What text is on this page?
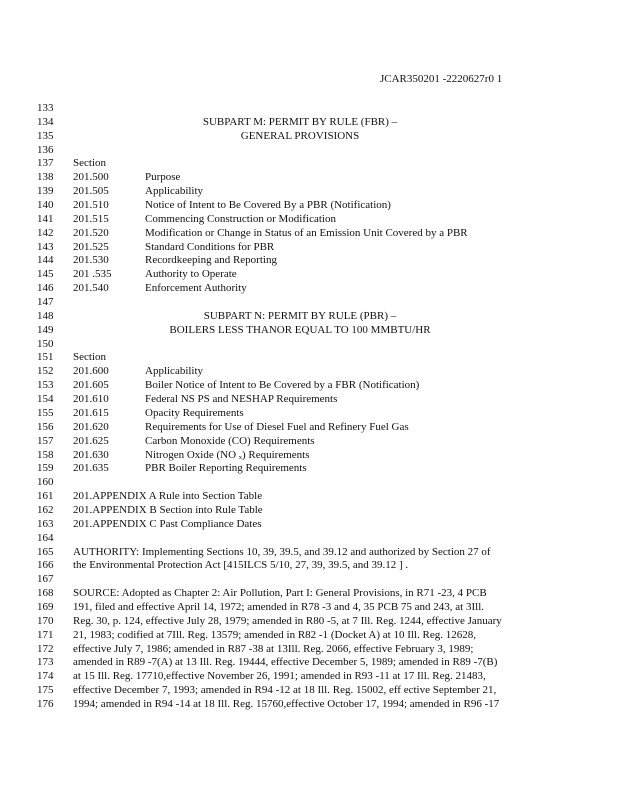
JCAR350201 -2220627r0 1
133
134	SUBPART M: PERMIT BY RULE (FBR) –
135	GENERAL PROVISIONS
136
137	Section
138	201.500	Purpose
139	201.505	Applicability
140	201.510	Notice of Intent to Be Covered By a PBR (Notification)
141	201.515	Commencing Construction or Modification
142	201.520	Modification or Change in Status of an Emission Unit Covered by a PBR
143	201.525	Standard Conditions for PBR
144	201.530	Recordkeeping and Reporting
145	201 .535	Authority to Operate
146	201.540	Enforcement Authority
147
148	SUBPART N: PERMIT BY RULE (PBR) –
149	BOILERS LESS THANOR EQUAL TO 100 MMBTU/HR
150
151	Section
152	201.600	Applicability
153	201.605	Boiler Notice of Intent to Be Covered by a FBR (Notification)
154	201.610	Federal NS PS and NESHAP Requirements
155	201.615	Opacity Requirements
156	201.620	Requirements for Use of Diesel Fuel and Refinery Fuel Gas
157	201.625	Carbon Monoxide (CO) Requirements
158	201.630	Nitrogen Oxide (NO ₓ) Requirements
159	201.635	PBR Boiler Reporting Requirements
160
161	201.APPENDIX A Rule into Section Table
162	201.APPENDIX B Section into Rule Table
163	201.APPENDIX C Past Compliance Dates
164
165	AUTHORITY: Implementing Sections 10, 39, 39.5, and 39.12 and authorized by Section 27 of
166	the Environmental Protection Act [415ILCS 5/10, 27, 39, 39.5, and 39.12 ] .
167
168	SOURCE: Adopted as Chapter 2: Air Pollution, Part I: General Provisions, in R71 -23, 4 PCB
169	191, filed and effective April 14, 1972; amended in R78 -3 and 4, 35 PCB 75 and 243, at 3Ill.
170	Reg. 30, p. 124, effective July 28, 1979; amended in R80 -5, at 7 Ill. Reg. 1244, effective January
171	21, 1983; codified at 7Ill. Reg. 13579; amended in R82 -1 (Docket A) at 10 Ill. Reg. 12628,
172	effective July 7, 1986; amended in R87 -38 at 13Ill. Reg. 2066, effective February 3, 1989;
173	amended in R89 -7(A) at 13 Ill. Reg. 19444, effective December 5, 1989; amended in R89 -7(B)
174	at 15 Ill. Reg. 17710,effective November 26, 1991; amended in R93 -11 at 17 Ill. Reg. 21483,
175	effective December 7, 1993; amended in R94 -12 at 18 Ill. Reg. 15002, eff ective September 21,
176	1994; amended in R94 -14 at 18 Ill. Reg. 15760,effective October 17, 1994; amended in R96 -17
